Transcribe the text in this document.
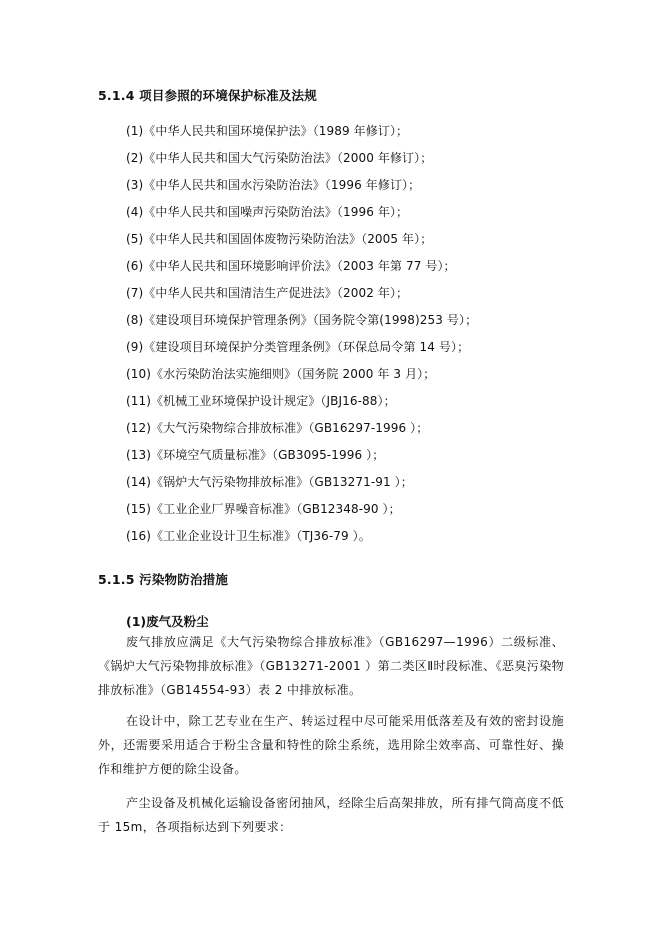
5.1.4 项目参照的环境保护标准及法规
(1)《中华人民共和国环境保护法》（1989 年修订）；
(2)《中华人民共和国大气污染防治法》（2000 年修订）；
(3)《中华人民共和国水污染防治法》（1996 年修订）；
(4)《中华人民共和国噪声污染防治法》（1996 年）；
(5)《中华人民共和国固体废物污染防治法》（2005 年）；
(6)《中华人民共和国环境影响评价法》（2003 年第 77 号）；
(7)《中华人民共和国清洁生产促进法》（2002 年）；
(8)《建设项目环境保护管理条例》（国务院令第(1998)253 号）；
(9)《建设项目环境保护分类管理条例》（环保总局令第 14 号）；
(10)《水污染防治法实施细则》（国务院 2000 年 3 月）；
(11)《机械工业环境保护设计规定》（JBJ16-88）；
(12)《大气污染物综合排放标准》（GB16297-1996 ）；
(13)《环境空气质量标准》（GB3095-1996 ）；
(14)《锅炉大气污染物排放标准》（GB13271-91 ）；
(15)《工业企业厂界噪音标准》（GB12348-90 ）；
(16)《工业企业设计卫生标准》（TJ36-79 ）。
5.1.5 污染物防治措施
(1)废气及粉尘

废气排放应满足《大气污染物综合排放标准》（GB16297—1996）二级标准、《锅炉大气污染物排放标准》（GB13271-2001 ）第二类区Ⅱ时段标准、《恶臭污染物排放标准》（GB14554-93）表 2 中排放标准。

在设计中，除工艺专业在生产、转运过程中尽可能采用低落差及有效的密封设施外，还需要采用适合于粉尘含量和特性的除尘系统，选用除尘效率高、可靠性好、操作和维护方便的除尘设备。

产尘设备及机械化运输设备密闭抽风，经除尘后高架排放，所有排气筒高度不低于 15m，各项指标达到下列要求：
